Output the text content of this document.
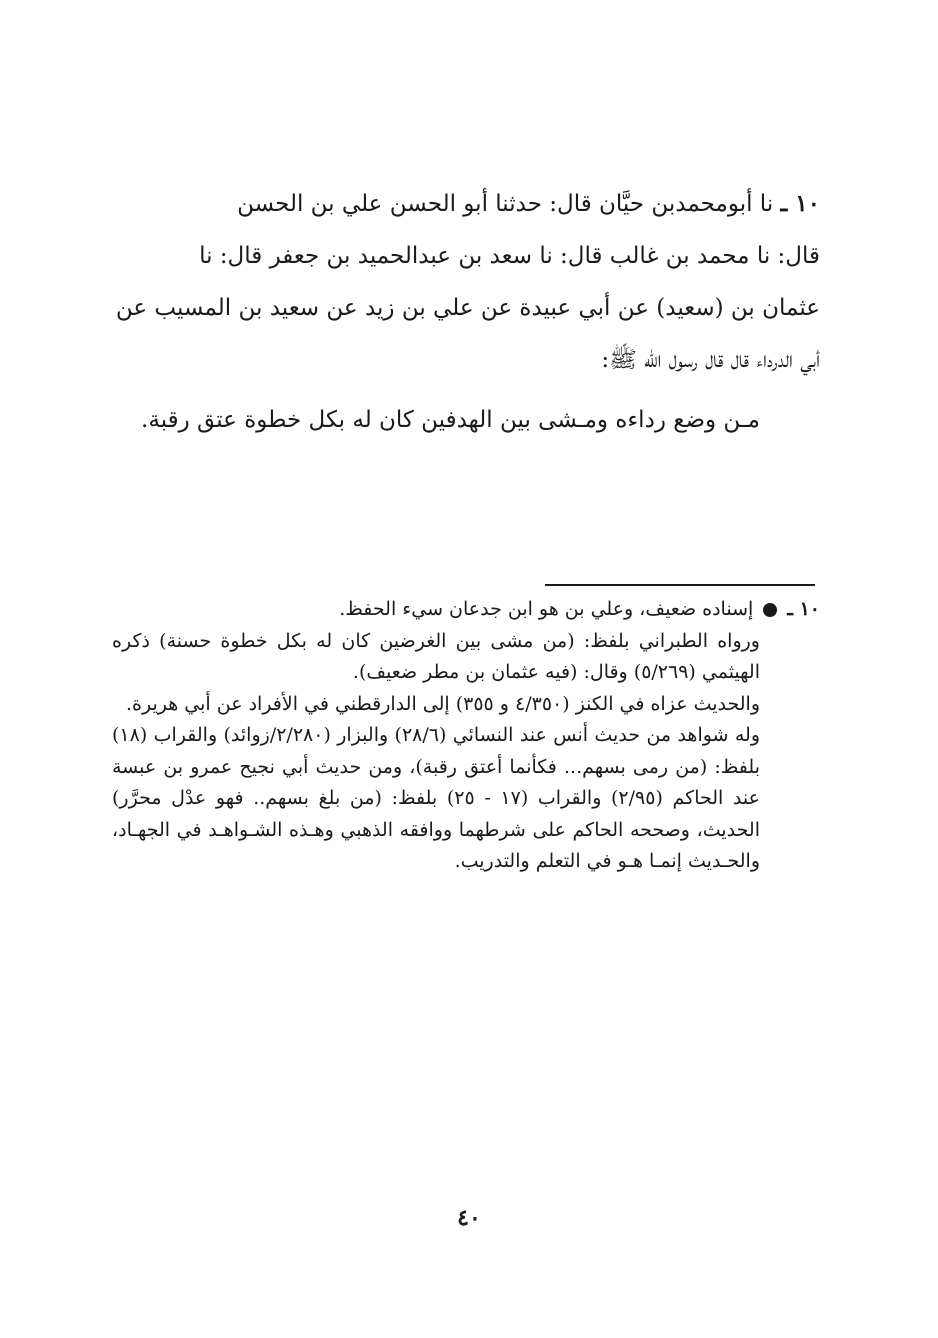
١٠ ـ نا أبومحمدبن حيَّان قال: حدثنا أبو الحسن علي بن الحسن

قال: نا محمد بن غالب قال: نا سعد بن عبدالحميد بن جعفر قال: نا

عثمان بن (سعيد) عن أبي عبيدة عن علي بن زيد عن سعيد بن المسيب عن

أبي الدرداء قال قال رسول الله ﷺ:

مـن وضع رداءه ومـشى بين الهدفين كان له بكل خطوة عتق رقبة.

١٠ ـ  إسناده ضعيف، وعلي بن هو ابن جدعان سيء الحفظ.

ورواه الطبراني بلفظ: (من مشى بين الغرضين كان له بكل خطوة حسنة) ذكره الهيثمي (٥/٢٦٩) وقال: (فيه عثمان بن مطر ضعيف).

والحديث عزاه في الكنز (٤/٣٥٠ و ٣٥٥) إلى الدارقطني في الأفراد عن أبي هريرة.

وله شواهد من حديث أنس عند النسائي (٢٨/٦) والبزار (٢/٢٨٠/زوائد) والقراب (١٨) بلفظ: (من رمى بسهم... فكأنما أعتق رقبة)، ومن حديث أبي نجيح عمرو بن عبسة عند الحاكم (٢/٩٥) والقراب (١٧ - ٢٥) بلفظ: (من بلغ بسهم.. فهو عدْل محرَّر) الحديث، وصححه الحاكم على شرطهما ووافقه الذهبي وهـذه الشـواهـد في الجهـاد، والحـديث إنمـا هـو في التعلم والتدريب.

٤٠
